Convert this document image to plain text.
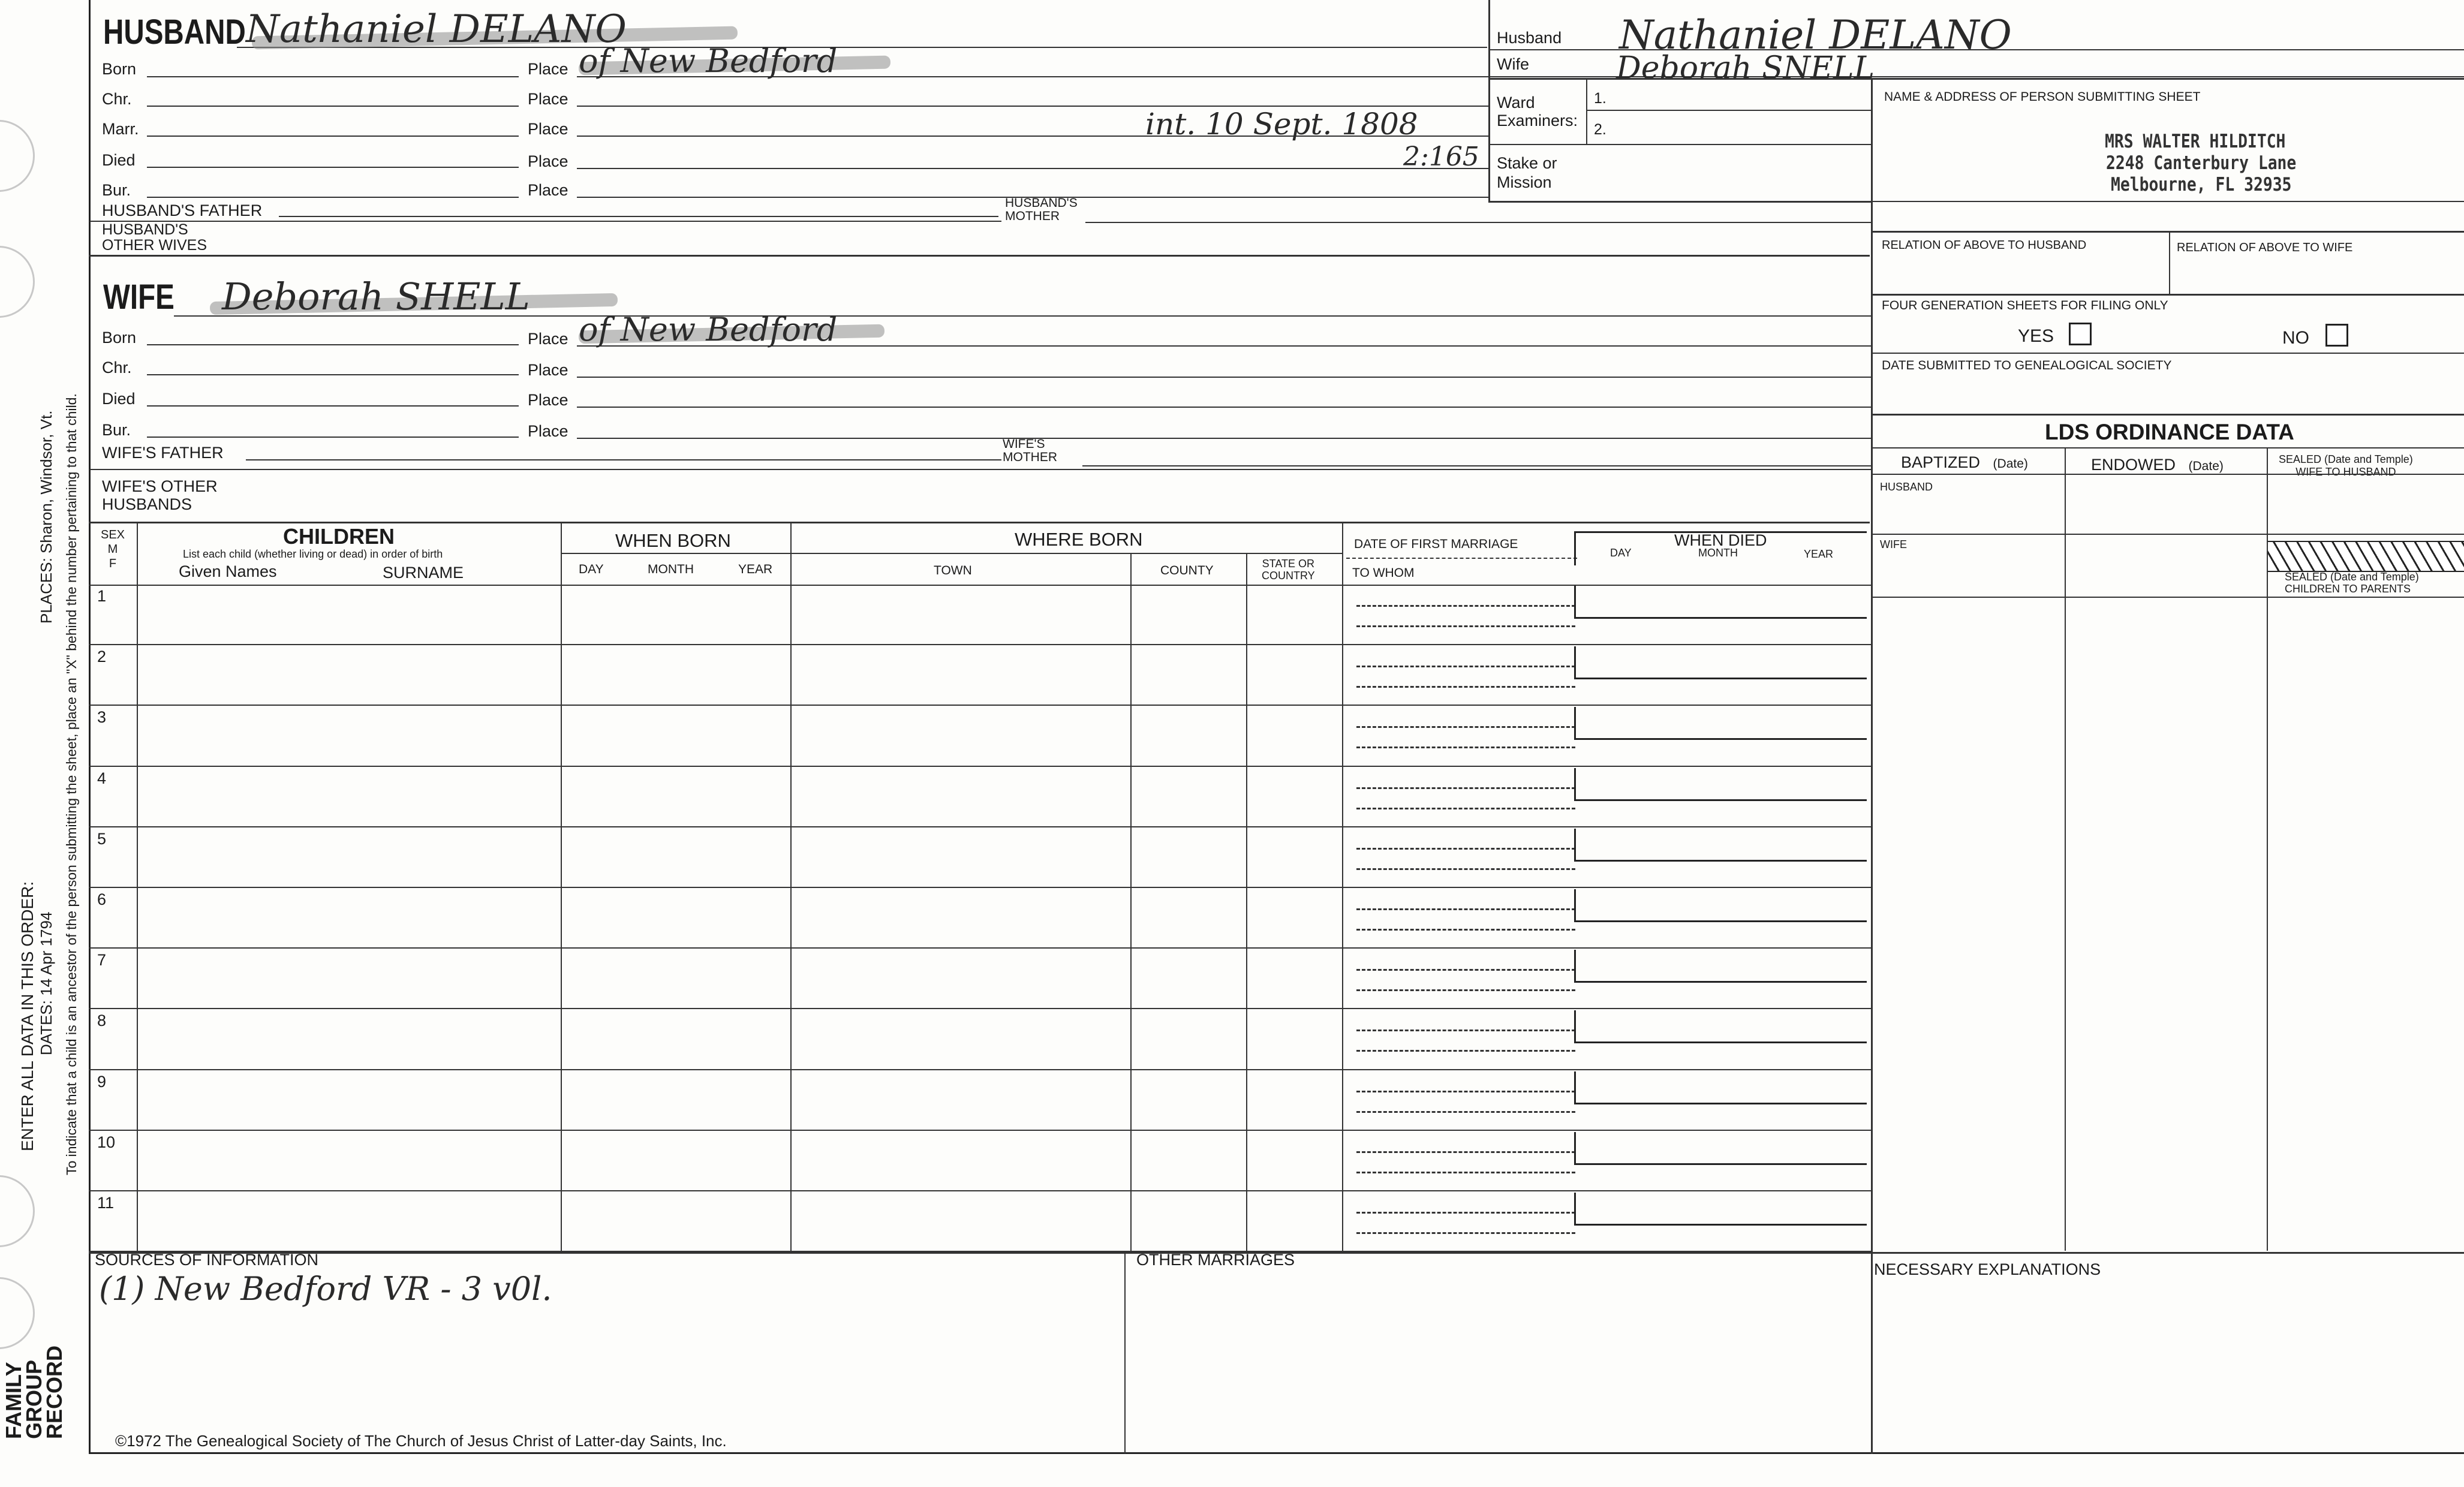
FAMILY
GROUP
RECORD
ENTER ALL DATA IN THIS ORDER: DATES: 14 Apr 1794
PLACES: Sharon, Windsor, Vt. To indicate that a child is an ancestor of the person submitting the sheet, place an "X" behind the number pertaining to that child.
HUSBAND Nathaniel DELANO
Born	Place of New Bedford
Chr.	Place
Marr.	Place	int. 10 Sept. 1808
Died	Place	2:165
Bur.	Place
HUSBAND'S FATHER	HUSBAND'S
MOTHER
HUSBAND'S
OTHER WIVES
WIFE Deborah SHELL
Born	Place of New Bedford
Chr.	Place
Died	Place
Bur.	Place
WIFE'S FATHER	WIFE'S
MOTHER
WIFE'S OTHER
HUSBANDS
Husband Nathaniel DELANO
Wife	Deborah SNELL
Ward
Examiners:
1.
2.
Stake or
Mission
NAME & ADDRESS OF PERSON SUBMITTING SHEET
MRS WALTER HILDITCH
2248 Canterbury Lane
Melbourne, FL 32935
RELATION OF ABOVE TO HUSBAND	RELATION OF ABOVE TO WIFE
FOUR GENERATION SHEETS FOR FILING ONLY
YES	NO
DATE SUBMITTED TO GENEALOGICAL SOCIETY
LDS ORDINANCE DATA
BAPTIZED (Date)	ENDOWED (Date)	SEALED (Date and Temple)
WIFE TO HUSBAND
HUSBAND
WIFE
SEALED (Date and Temple)
CHILDREN TO PARENTS
SEX
M
F
CHILDREN
List each child (whether living or dead) in order of birth
Given Names	SURNAME
WHEN BORN
DAY	MONTH	YEAR
WHERE BORN
TOWN	COUNTY	STATE OR
COUNTRY
DATE OF FIRST MARRIAGE
TO WHOM
WHEN DIED
DAY	MONTH	YEAR
1
2
3
4
5
6
7
8
9
10
11
SOURCES OF INFORMATION
(1) New Bedford VR - 3 v0l.
OTHER MARRIAGES
NECESSARY EXPLANATIONS
©1972 The Genealogical Society of The Church of Jesus Christ of Latter-day Saints, Inc.
